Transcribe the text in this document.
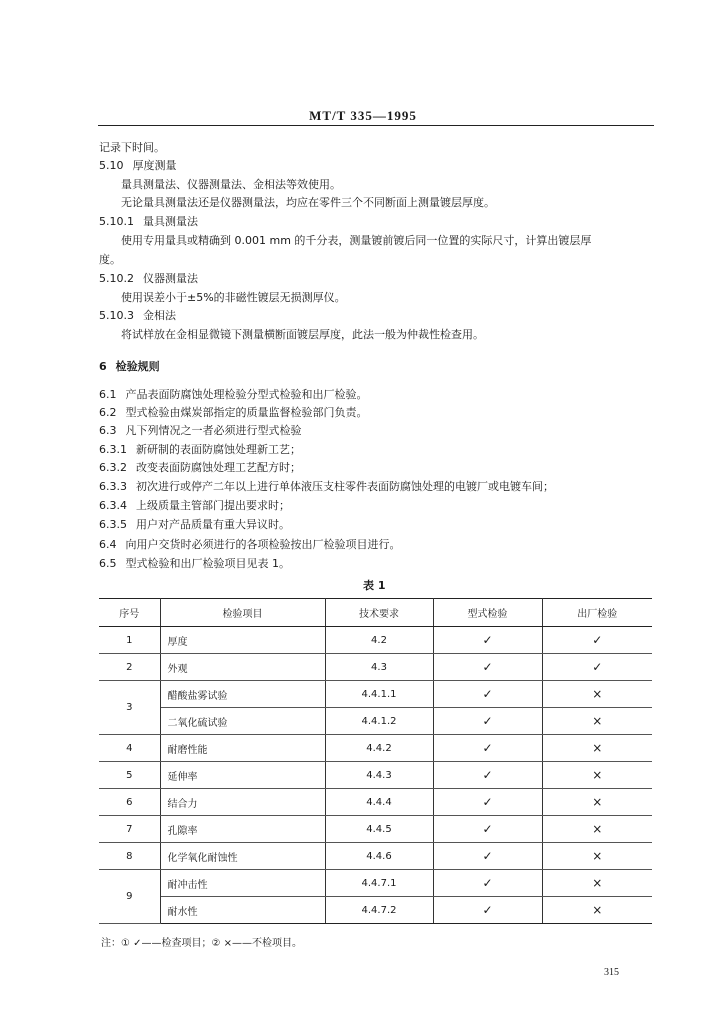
MT/T 335—1995
记录下时间。
5.10 厚度测量
量具测量法、仪器测量法、金相法等效使用。
无论量具测量法还是仪器测量法，均应在零件三个不同断面上测量镀层厚度。
5.10.1 量具测量法
使用专用量具或精确到 0.001 mm 的千分表，测量镀前镀后同一位置的实际尺寸，计算出镀层厚
度。
5.10.2 仪器测量法
使用误差小于±5%的非磁性镀层无损测厚仪。
5.10.3 金相法
将试样放在金相显微镜下测量横断面镀层厚度，此法一般为仲裁性检查用。
6 检验规则
6.1 产品表面防腐蚀处理检验分型式检验和出厂检验。
6.2 型式检验由煤炭部指定的质量监督检验部门负责。
6.3 凡下列情况之一者必须进行型式检验
6.3.1 新研制的表面防腐蚀处理新工艺；
6.3.2 改变表面防腐蚀处理工艺配方时；
6.3.3 初次进行或停产二年以上进行单体液压支柱零件表面防腐蚀处理的电镀厂或电镀车间；
6.3.4 上级质量主管部门提出要求时；
6.3.5 用户对产品质量有重大异议时。
6.4 向用户交货时必须进行的各项检验按出厂检验项目进行。
6.5 型式检验和出厂检验项目见表 1。
表 1
序号	检验项目	技术要求	型式检验	出厂检验
1	厚度	4.2	✓	✓
2	外观	4.3	✓	✓
3	醋酸盐雾试验	4.4.1.1	✓	×
	二氧化硫试验	4.4.1.2	✓	×
4	耐磨性能	4.4.2	✓	×
5	延伸率	4.4.3	✓	×
6	结合力	4.4.4	✓	×
7	孔隙率	4.4.5	✓	×
8	化学氧化耐蚀性	4.4.6	✓	×
9	耐冲击性	4.4.7.1	✓	×
	耐水性	4.4.7.2	✓	×
注：① ✓——检查项目；② ×——不检项目。
315
